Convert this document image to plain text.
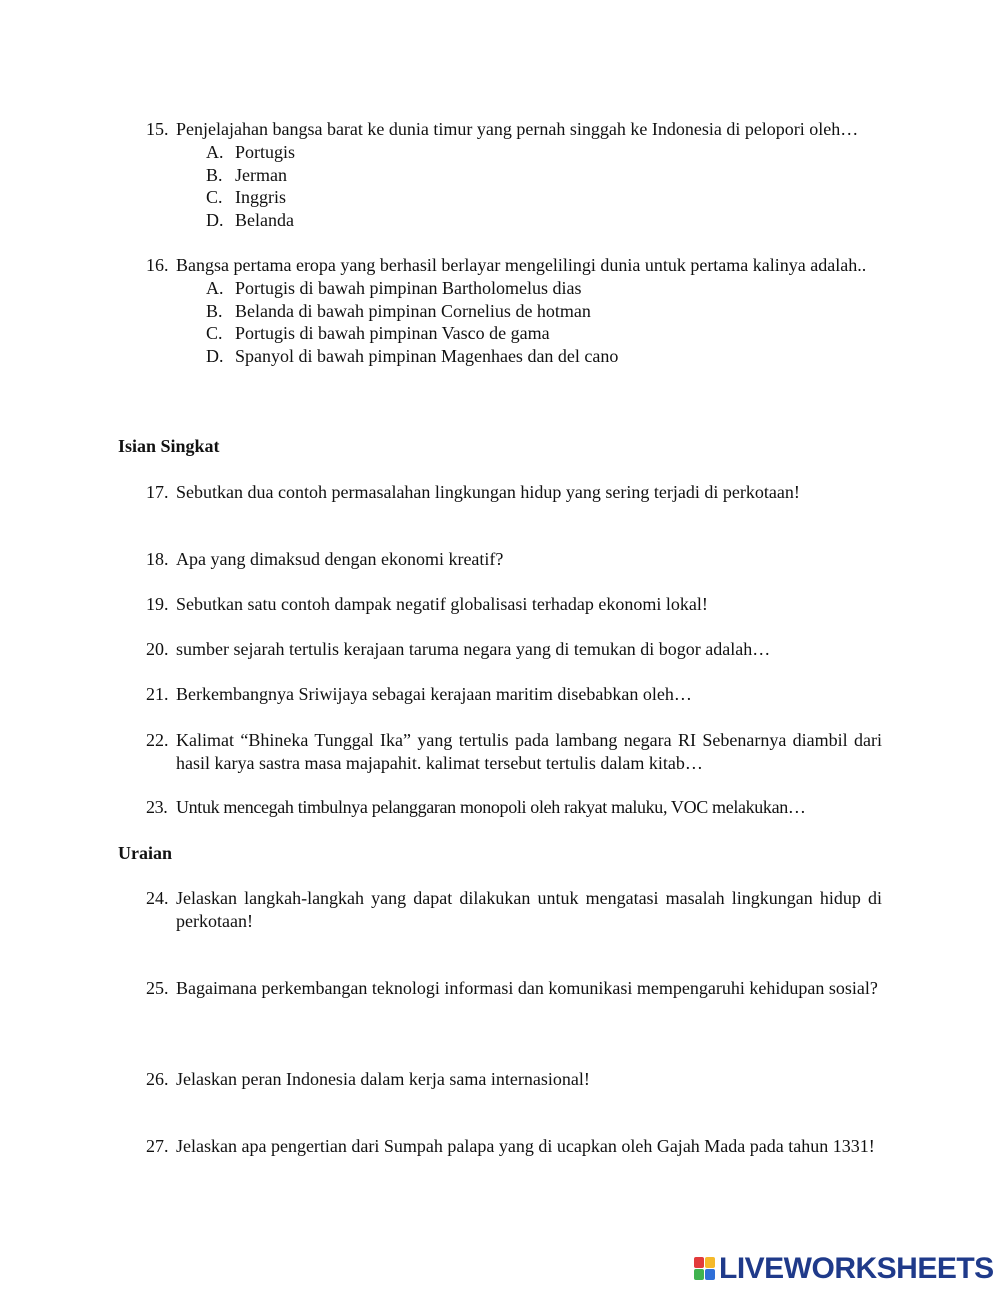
15. Penjelajahan bangsa barat ke dunia timur yang pernah singgah ke Indonesia di pelopori oleh…
A. Portugis
B. Jerman
C. Inggris
D. Belanda
16. Bangsa pertama eropa yang berhasil berlayar mengelilingi dunia untuk pertama kalinya adalah..
A. Portugis di bawah pimpinan Bartholomelus dias
B. Belanda di bawah pimpinan Cornelius de hotman
C. Portugis di bawah pimpinan Vasco de gama
D. Spanyol di bawah pimpinan Magenhaes dan del cano
Isian Singkat
17. Sebutkan dua contoh permasalahan lingkungan hidup yang sering terjadi di perkotaan!
18. Apa yang dimaksud dengan ekonomi kreatif?
19. Sebutkan satu contoh dampak negatif globalisasi terhadap ekonomi lokal!
20. sumber sejarah tertulis kerajaan taruma negara yang di temukan di bogor adalah…
21. Berkembangnya Sriwijaya sebagai kerajaan maritim disebabkan oleh…
22. Kalimat “Bhineka Tunggal Ika” yang tertulis pada lambang negara RI Sebenarnya diambil dari hasil karya sastra masa majapahit. kalimat tersebut tertulis dalam kitab…
23. Untuk mencegah timbulnya pelanggaran monopoli oleh rakyat maluku, VOC melakukan…
Uraian
24. Jelaskan langkah-langkah yang dapat dilakukan untuk mengatasi masalah lingkungan hidup di perkotaan!
25. Bagaimana perkembangan teknologi informasi dan komunikasi mempengaruhi kehidupan sosial?
26. Jelaskan peran Indonesia dalam kerja sama internasional!
27. Jelaskan apa pengertian dari Sumpah palapa yang di ucapkan oleh Gajah Mada pada tahun 1331!
LIVEWORKSHEETS
